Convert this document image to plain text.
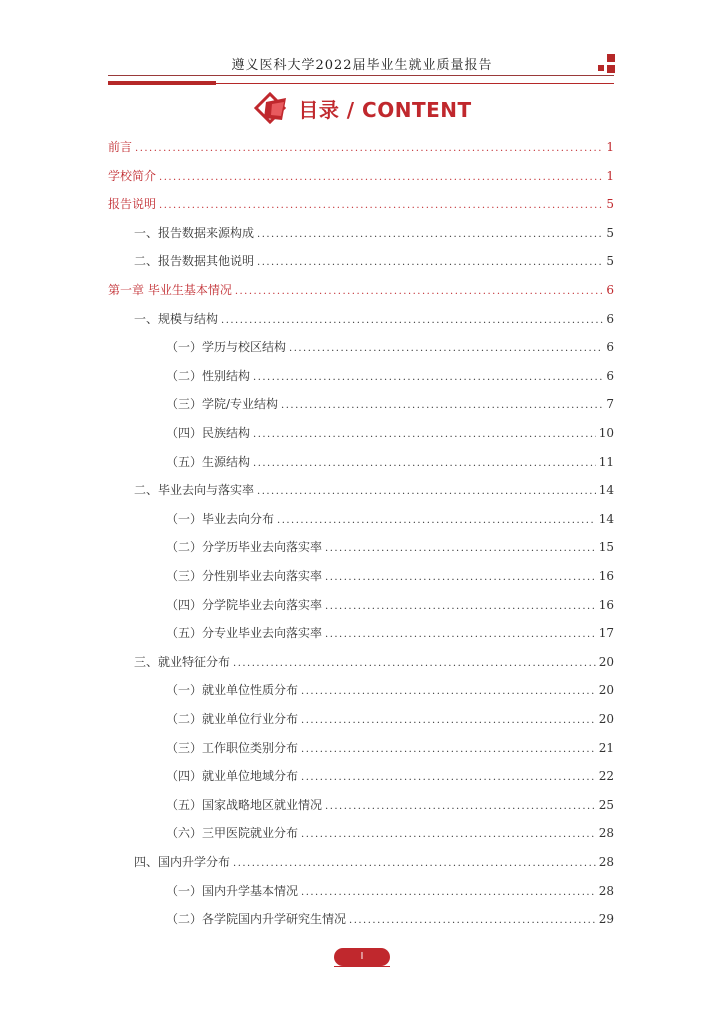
遵义医科大学2022届毕业生就业质量报告
目录 / CONTENT
前言 .....	1
学校简介 .....	1
报告说明 .....	5
一、报告数据来源构成 .....	5
二、报告数据其他说明 .....	5
第一章 毕业生基本情况 .....	6
一、规模与结构 .....	6
（一）学历与校区结构 .....	6
（二）性别结构 .....	6
（三）学院/专业结构 .....	7
（四）民族结构 .....	10
（五）生源结构 .....	11
二、毕业去向与落实率 .....	14
（一）毕业去向分布 .....	14
（二）分学历毕业去向落实率 .....	15
（三）分性别毕业去向落实率 .....	16
（四）分学院毕业去向落实率 .....	16
（五）分专业毕业去向落实率 .....	17
三、就业特征分布 .....	20
（一）就业单位性质分布 .....	20
（二）就业单位行业分布 .....	20
（三）工作职位类别分布 .....	21
（四）就业单位地域分布 .....	22
（五）国家战略地区就业情况 .....	25
（六）三甲医院就业分布 .....	28
四、国内升学分布 .....	28
（一）国内升学基本情况 .....	28
（二）各学院国内升学研究生情况 .....	29
I
